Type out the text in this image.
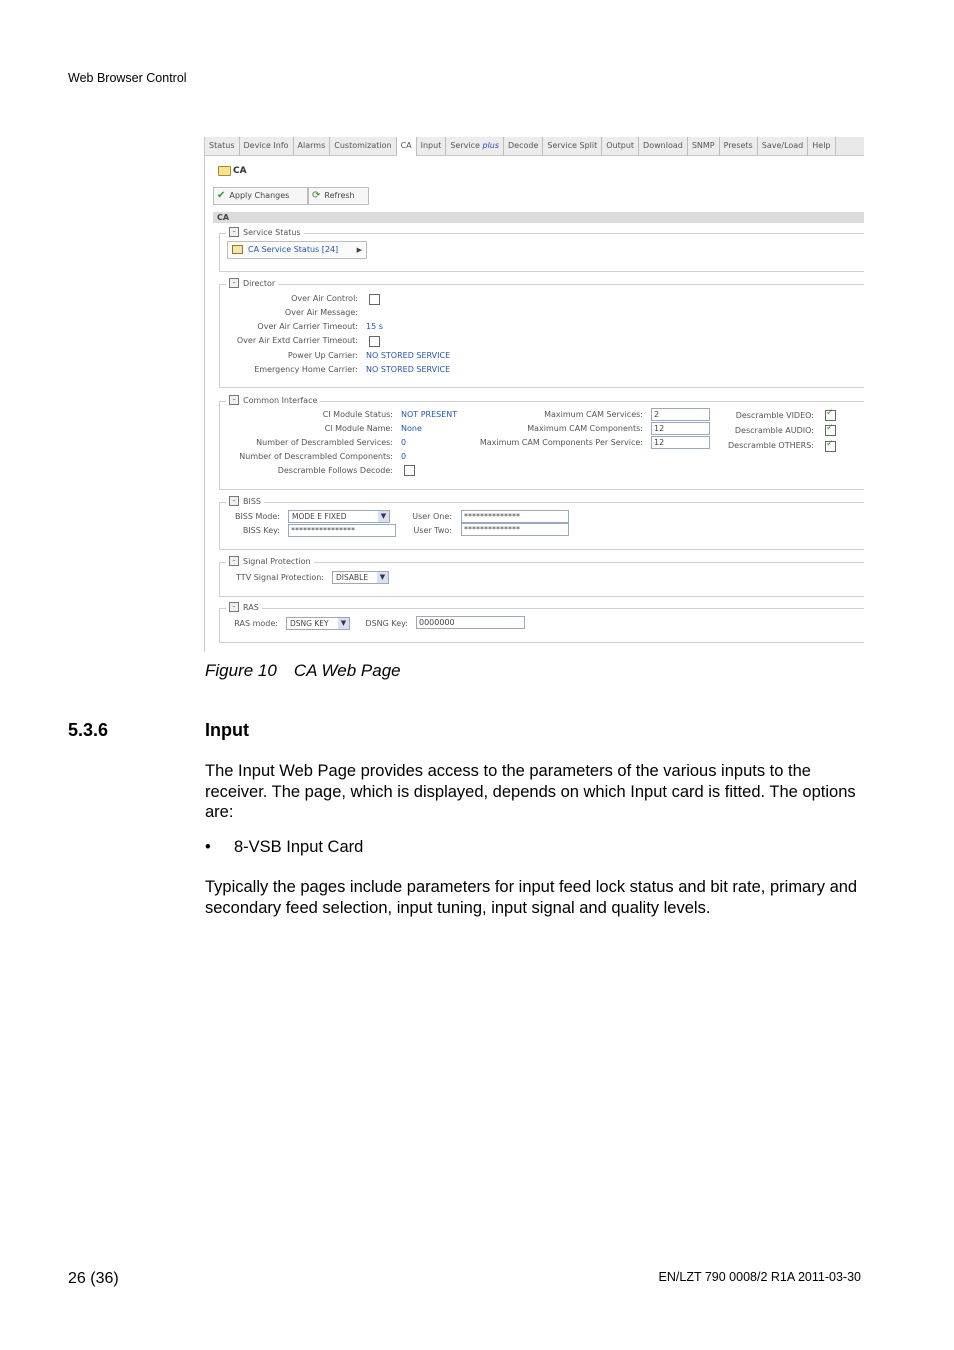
Web Browser Control
Status	Device Info	Alarms	Customization	CA	Input	Service plus	Decode	Service Split	Output	Download	SNMP	Presets	Save/Load	Help
CA
✔ Apply Changes	⟳ Refresh
CA
– Service Status
CA Service Status [24]	▶
– Director
Over Air Control:
Over Air Message:
Over Air Carrier Timeout: 15 s
Over Air Extd Carrier Timeout:
Power Up Carrier: NO STORED SERVICE
Emergency Home Carrier: NO STORED SERVICE
– Common Interface
CI Module Status: NOT PRESENT
CI Module Name: None
Number of Descrambled Services: 0
Number of Descrambled Components: 0
Descramble Follows Decode:
Maximum CAM Services:	2
Maximum CAM Components:	12
Maximum CAM Components Per Service:	12
Descramble VIDEO:
✓
Descramble AUDIO:
✓
Descramble OTHERS:
✓
– BISS
BISS Mode:	MODE E FIXED	▼
BISS Key:	****************
User One:	**************
User Two:	**************
– Signal Protection
TTV Signal Protection:	DISABLE	▼
– RAS
RAS mode:	DSNG KEY	▼	DSNG Key:	0000000
Figure 10 CA Web Page
5.3.6	Input
The Input Web Page provides access to the parameters of the various inputs to the receiver. The page, which is displayed, depends on which Input card is fitted. The options are:
• 8-VSB Input Card
Typically the pages include parameters for input feed lock status and bit rate, primary and secondary feed selection, input tuning, input signal and quality levels.
26 (36)	EN/LZT 790 0008/2 R1A 2011-03-30
